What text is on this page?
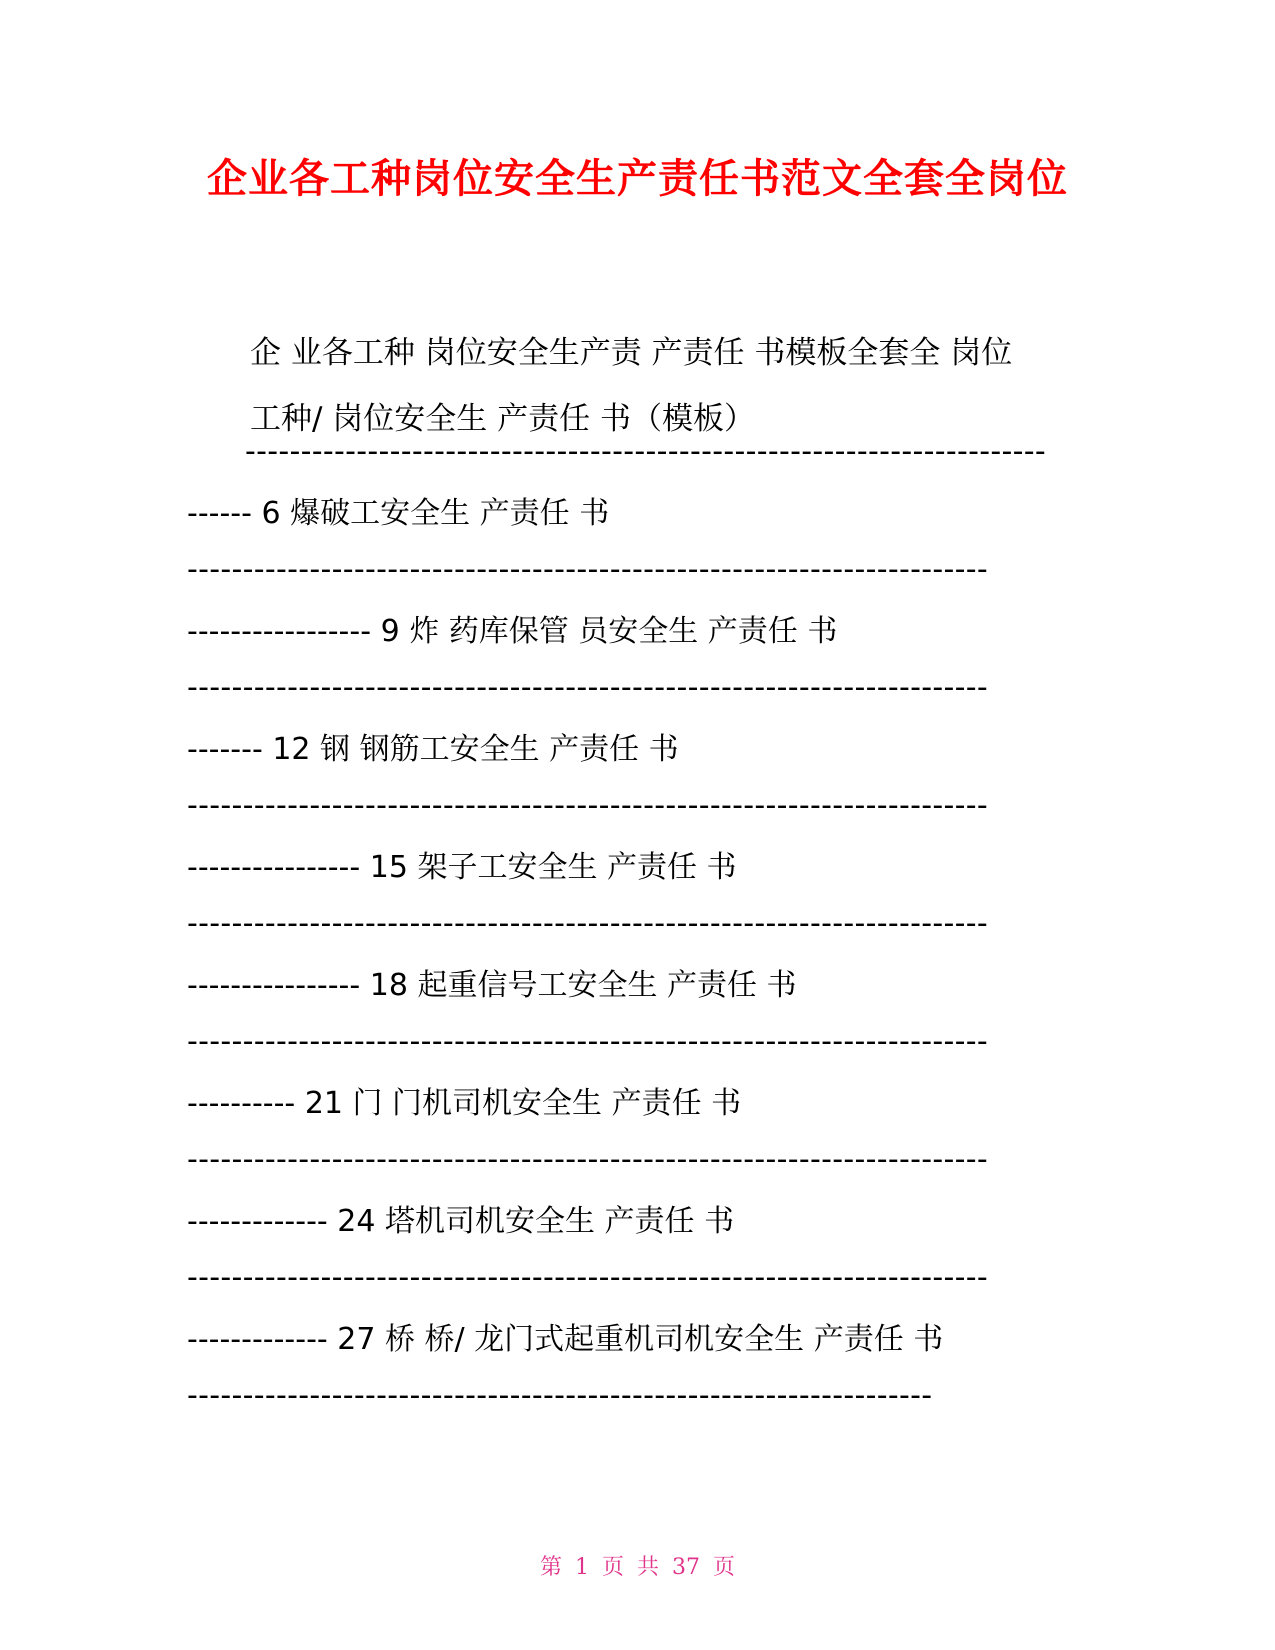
企业各工种岗位安全生产责任书范文全套全岗位
企 业各工种 岗位安全生产责 产责任 书模板全套全 岗位
工种/ 岗位安全生 产责任 书（模板）
------------------------------------------------------------------------
------ 6 爆破工安全生 产责任 书
------------------------------------------------------------------------
----------------- 9 炸 药库保管 员安全生 产责任 书
------------------------------------------------------------------------
------- 12 钢 钢筋工安全生 产责任 书
------------------------------------------------------------------------
---------------- 15 架子工安全生 产责任 书
------------------------------------------------------------------------
---------------- 18 起重信号工安全生 产责任 书
------------------------------------------------------------------------
---------- 21 门 门机司机安全生 产责任 书
------------------------------------------------------------------------
------------- 24 塔机司机安全生 产责任 书
------------------------------------------------------------------------
------------- 27 桥 桥/ 龙门式起重机司机安全生 产责任 书
-------------------------------------------------------------------
第 1 页 共 37 页
